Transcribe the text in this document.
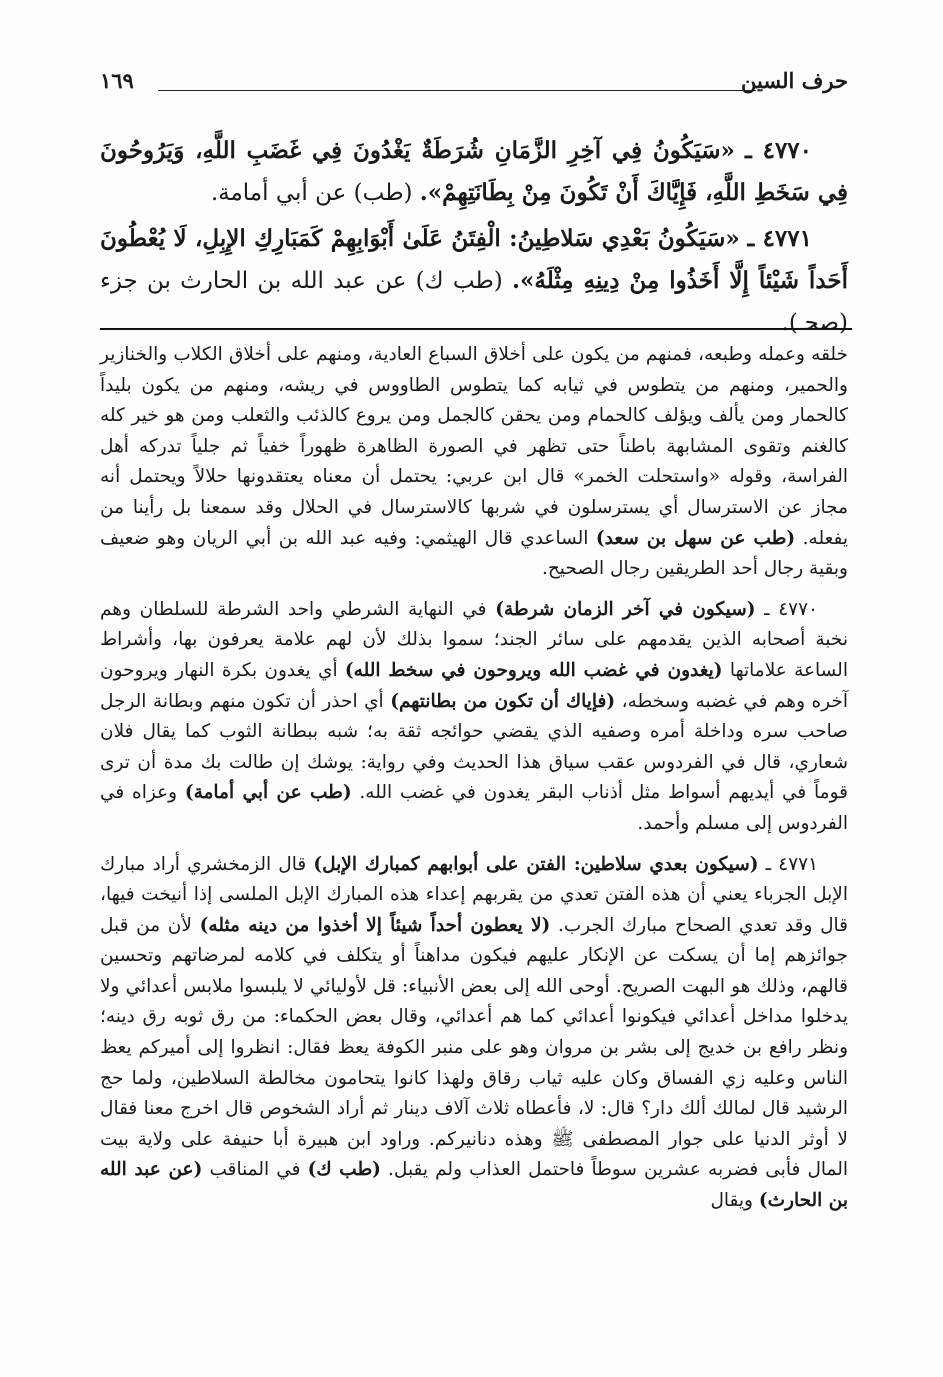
حرف السين
١٦٩

٤٧٧٠ ـ «سَيَكُونُ فِي آخِرِ الزَّمَانِ شُرَطَةٌ يَغْدُونَ فِي غَضَبِ اللَّهِ، وَيَرُوحُونَ فِي سَخَطِ اللَّهِ، فَإِيَّاكَ أَنْ تَكُونَ مِنْ بِطَانَتِهِمْ». (طب) عن أبي أمامة.

٤٧٧١ ـ «سَيَكُونُ بَعْدِي سَلاطِينُ: الْفِتَنُ عَلَىٰ أَبْوَابِهِمْ كَمَبَارِكِ الإِبِلِ، لَا يُعْطُونَ أَحَداً شَيْئاً إِلَّا أَخَذُوا مِنْ دِينِهِ مِثْلَهُ». (طب ك) عن عبد الله بن الحارث بن جزء (صحـ).

خلقه وعمله وطبعه، فمنهم من يكون على أخلاق السباع العادية، ومنهم على أخلاق الكلاب والخنازير والحمير، ومنهم من يتطوس في ثيابه كما يتطوس الطاووس في ريشه، ومنهم من يكون بليداً كالحمار ومن يألف ويؤلف كالحمام ومن يحقن كالجمل ومن يروع كالذئب والثعلب ومن هو خير كله كالغنم وتقوى المشابهة باطناً حتى تظهر في الصورة الظاهرة ظهوراً خفياً ثم جلياً تدركه أهل الفراسة، وقوله «واستحلت الخمر» قال ابن عربي: يحتمل أن معناه يعتقدونها حلالاً ويحتمل أنه مجاز عن الاسترسال أي يسترسلون في شربها كالاسترسال في الحلال وقد سمعنا بل رأينا من يفعله. (طب عن سهل بن سعد) الساعدي قال الهيثمي: وفيه عبد الله بن أبي الريان وهو ضعيف وبقية رجال أحد الطريقين رجال الصحيح.

٤٧٧٠ ـ (سيكون في آخر الزمان شرطة) في النهاية الشرطي واحد الشرطة للسلطان وهم نخبة أصحابه الذين يقدمهم على سائر الجند؛ سموا بذلك لأن لهم علامة يعرفون بها، وأشراط الساعة علاماتها (يغدون في غضب الله ويروحون في سخط الله) أي يغدون بكرة النهار ويروحون آخره وهم في غضبه وسخطه، (فإياك أن تكون من بطانتهم) أي احذر أن تكون منهم وبطانة الرجل صاحب سره وداخلة أمره وصفيه الذي يقضي حوائجه ثقة به؛ شبه ببطانة الثوب كما يقال فلان شعاري، قال في الفردوس عقب سياق هذا الحديث وفي رواية: يوشك إن طالت بك مدة أن ترى قوماً في أيديهم أسواط مثل أذناب البقر يغدون في غضب الله. (طب عن أبي أمامة) وعزاه في الفردوس إلى مسلم وأحمد.

٤٧٧١ ـ (سيكون بعدي سلاطين: الفتن على أبوابهم كمبارك الإبل) قال الزمخشري أراد مبارك الإبل الجرباء يعني أن هذه الفتن تعدي من يقربهم إعداء هذه المبارك الإبل الملسى إذا أنيخت فيها، قال وقد تعدي الصحاح مبارك الجرب. (لا يعطون أحداً شيئاً إلا أخذوا من دينه مثله) لأن من قبل جوائزهم إما أن يسكت عن الإنكار عليهم فيكون مداهناً أو يتكلف في كلامه لمرضاتهم وتحسين قالهم، وذلك هو البهت الصريح. أوحى الله إلى بعض الأنبياء: قل لأوليائي لا يلبسوا ملابس أعدائي ولا يدخلوا مداخل أعدائي فيكونوا أعدائي كما هم أعدائي، وقال بعض الحكماء: من رق ثوبه رق دينه؛ ونظر رافع بن خديج إلى بشر بن مروان وهو على منبر الكوفة يعظ فقال: انظروا إلى أميركم يعظ الناس وعليه زي الفساق وكان عليه ثياب رقاق ولهذا كانوا يتحامون مخالطة السلاطين، ولما حج الرشيد قال لمالك ألك دار؟ قال: لا، فأعطاه ثلاث آلاف دينار ثم أراد الشخوص قال اخرج معنا فقال لا أوثر الدنيا على جوار المصطفى ﷺ وهذه دنانيركم. وراود ابن هبيرة أبا حنيفة على ولاية بيت المال فأبى فضربه عشرين سوطاً فاحتمل العذاب ولم يقبل. (طب ك) في المناقب (عن عبد الله بن الحارث) ويقال
